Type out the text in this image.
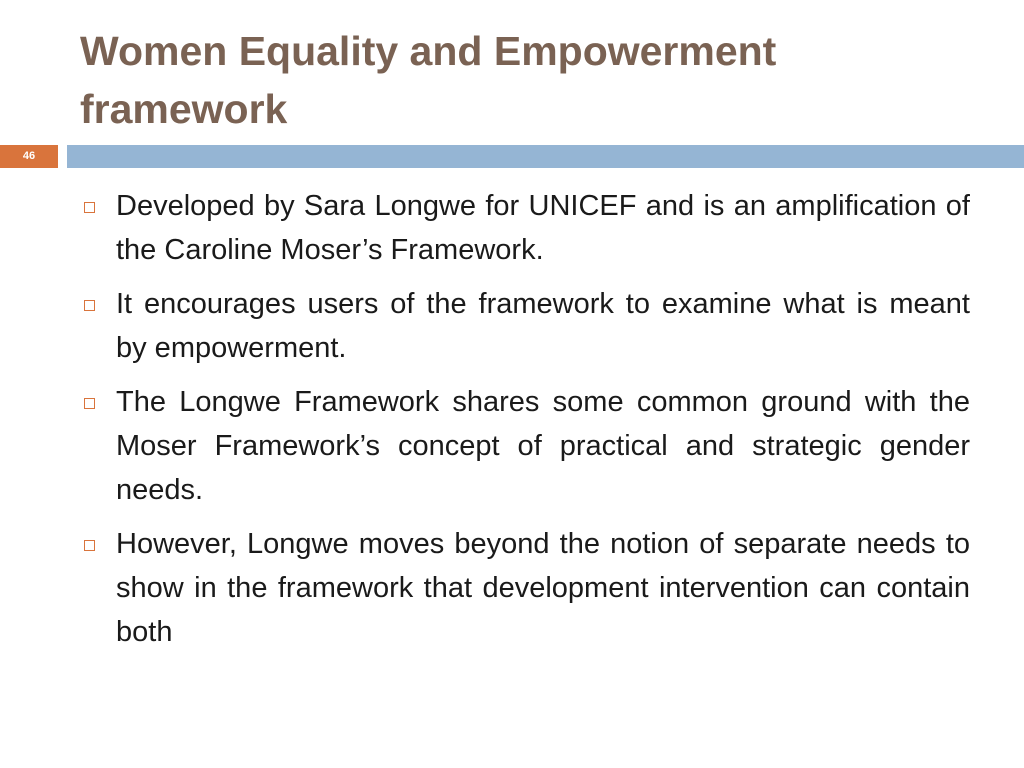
Women Equality and Empowerment framework
46
Developed by Sara Longwe for UNICEF and is an amplification of the Caroline Moser’s Framework.
It encourages users of the framework to examine what is meant by empowerment.
The Longwe Framework shares some common ground with the Moser Framework’s concept of practical and strategic gender needs.
However, Longwe moves beyond the notion of separate needs to show in the framework that development intervention can contain both
